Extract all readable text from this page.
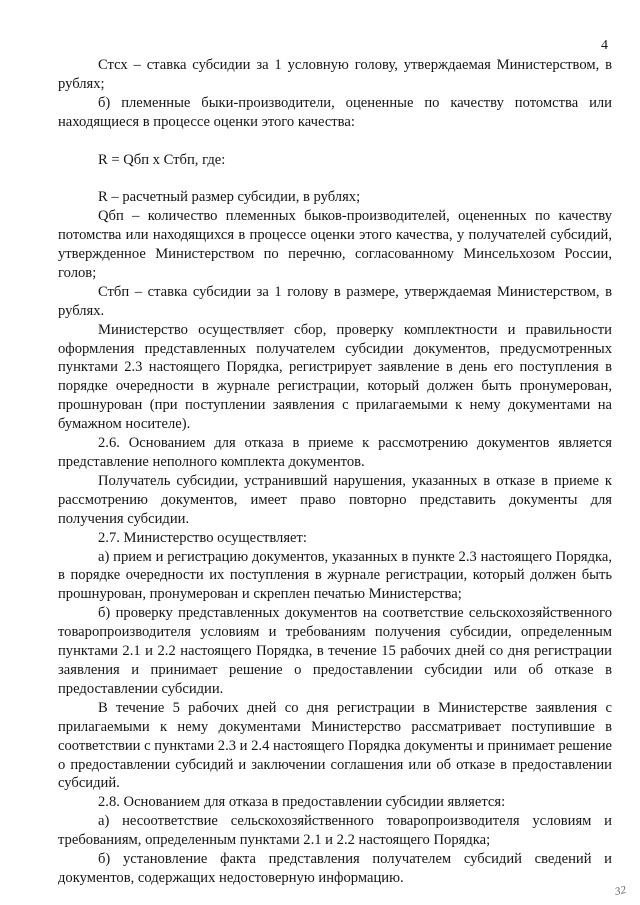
4

Стсх – ставка субсидии за 1 условную голову, утверждаемая Министерством, в рублях;

б) племенные быки-производители, оцененные по качеству потомства или находящиеся в процессе оценки этого качества:

R = Qбп х Стбп, где:

R – расчетный размер субсидии, в рублях;

Qбп – количество племенных быков-производителей, оцененных по качеству потомства или находящихся в процессе оценки этого качества, у получателей субсидий, утвержденное Министерством по перечню, согласованному Минсельхозом России, голов;

Стбп – ставка субсидии за 1 голову в размере, утверждаемая Министерством, в рублях.

Министерство осуществляет сбор, проверку комплектности и правильности оформления представленных получателем субсидии документов, предусмотренных пунктами 2.3 настоящего Порядка, регистрирует заявление в день его поступления в порядке очередности в журнале регистрации, который должен быть пронумерован, прошнурован (при поступлении заявления с прилагаемыми к нему документами на бумажном носителе).

2.6. Основанием для отказа в приеме к рассмотрению документов является представление неполного комплекта документов.

Получатель субсидии, устранивший нарушения, указанных в отказе в приеме к рассмотрению документов, имеет право повторно представить документы для получения субсидии.

2.7. Министерство осуществляет:

а) прием и регистрацию документов, указанных в пункте 2.3 настоящего Порядка, в порядке очередности их поступления в журнале регистрации, который должен быть прошнурован, пронумерован и скреплен печатью Министерства;

б) проверку представленных документов на соответствие сельскохозяйственного товаропроизводителя условиям и требованиям получения субсидии, определенным пунктами 2.1 и 2.2 настоящего Порядка, в течение 15 рабочих дней со дня регистрации заявления и принимает решение о предоставлении субсидии или об отказе в предоставлении субсидии.

В течение 5 рабочих дней со дня регистрации в Министерстве заявления с прилагаемыми к нему документами Министерство рассматривает поступившие в соответствии с пунктами 2.3 и 2.4 настоящего Порядка документы и принимает решение о предоставлении субсидий и заключении соглашения или об отказе в предоставлении субсидий.

2.8. Основанием для отказа в предоставлении субсидии является:

а) несоответствие сельскохозяйственного товаропроизводителя условиям и требованиям, определенным пунктами 2.1 и 2.2 настоящего Порядка;

б) установление факта представления получателем субсидий сведений и документов, содержащих недостоверную информацию.

32
